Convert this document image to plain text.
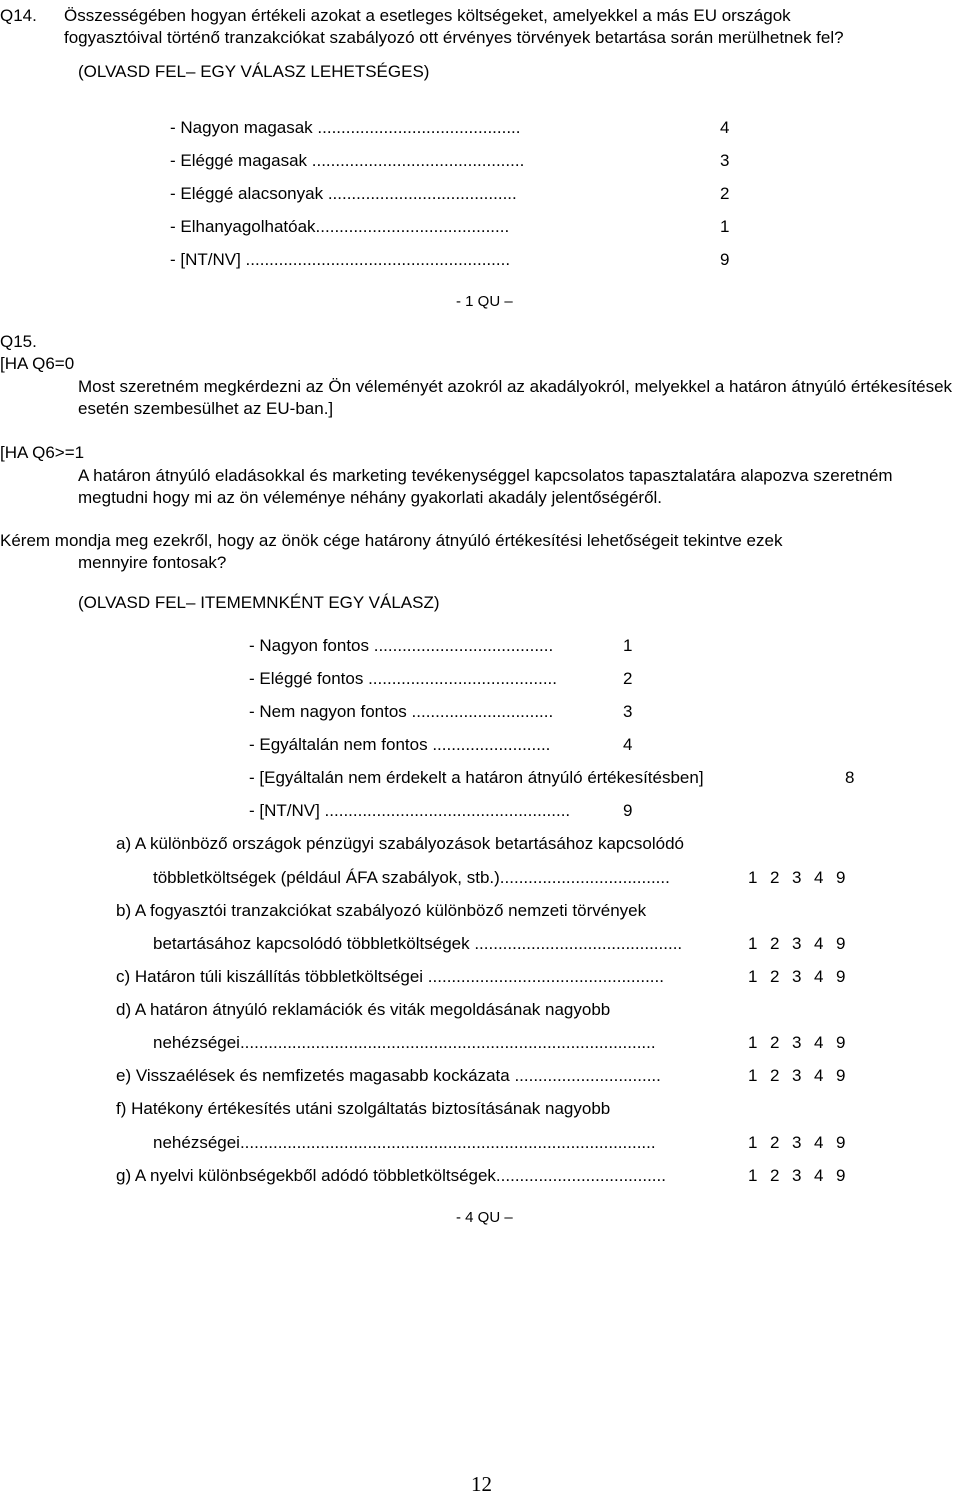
Q14. Összességében hogyan értékeli azokat a esetleges költségeket, amelyekkel a más EU országok
fogyasztóival történő tranzakciókat szabályozó ott érvényes törvények betartása során merülhetnek fel?
(OLVASD FEL– EGY VÁLASZ LEHETSÉGES)
- Nagyon magasak ...........................................	4
- Eléggé magasak .............................................	3
- Eléggé alacsonyak ........................................	2
- Elhanyagolhatóak.........................................	1
- [NT/NV] ........................................................	9
- 1 QU –
Q15.
[HA Q6=0
Most szeretném megkérdezni az Ön véleményét azokról az akadályokról, melyekkel a határon átnyúló értékesítések esetén szembesülhet az EU-ban.]
[HA Q6>=1
A határon átnyúló eladásokkal és marketing tevékenységgel kapcsolatos tapasztalatára alapozva szeretném megtudni hogy mi az ön véleménye néhány gyakorlati akadály jelentőségéről.
Kérem mondja meg ezekről, hogy az önök cége határony átnyúló értékesítési lehetőségeit tekintve ezek
mennyire fontosak?
(OLVASD FEL– ITEMEMNKÉNT EGY VÁLASZ)
- Nagyon fontos ......................................	1
- Eléggé fontos ........................................	2
- Nem nagyon fontos ..............................	3
- Egyáltalán nem fontos .........................	4
- [Egyáltalán nem érdekelt a határon átnyúló értékesítésben]	8
- [NT/NV] ....................................................	9
a) A különböző országok pénzügyi szabályozások betartásához kapcsolódó
többletköltségek (például ÁFA szabályok, stb.)....................................	1 2 3 4 9
b) A fogyasztói tranzakciókat szabályozó különböző nemzeti törvények
betartásához kapcsolódó többletköltségek ............................................	1 2 3 4 9
c) Határon túli kiszállítás többletköltségei ..................................................	1 2 3 4 9
d) A határon átnyúló reklamációk és viták megoldásának nagyobb
nehézségei........................................................................................	1 2 3 4 9
e) Visszaélések és nemfizetés magasabb kockázata ...............................	1 2 3 4 9
f) Hatékony értékesítés utáni szolgáltatás biztosításának nagyobb
nehézségei........................................................................................	1 2 3 4 9
g) A nyelvi különbségekből adódó többletköltségek....................................	1 2 3 4 9
- 4 QU –
12
